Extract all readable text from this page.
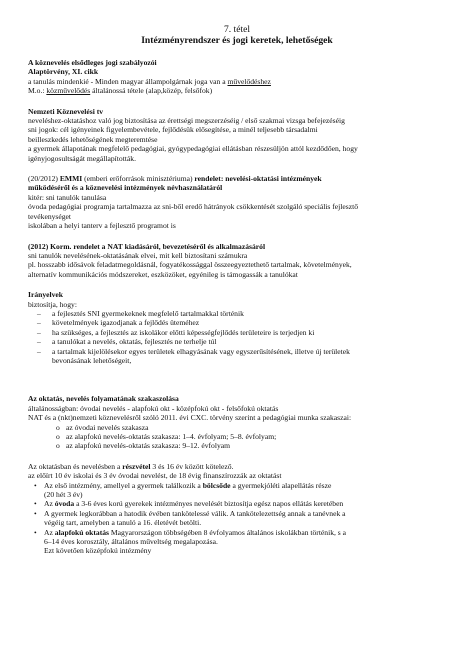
7. tétel
Intézményrendszer és jogi keretek, lehetőségek

A köznevelés elsődleges jogi szabályozói

Alaptörvény, XI. cikk

a tanulás mindenkié - Minden magyar állampolgárnak joga van a művelődéshez

M.o.: közművelődés általánossá tétele (alap,közép, felsőfok)

Nemzeti Köznevelési tv

neveléshez-oktatáshoz való jog biztosítása az érettségi megszerzéséig / első szakmai vizsga befejezéséig

sni jogok: cél igényeinek figyelembevétele, fejlődésük elősegítése, a minél teljesebb társadalmi

beilleszkedés lehetőségének megteremtése

a gyermek állapotának megfelelő pedagógiai, gyógypedagógiai ellátásban részesüljön attól kezdődően, hogy

igényjogosultságát megállapították.

(20/2012) EMMI (emberi erőforrások minisztériuma) rendelet: nevelési-oktatási intézmények

működéséről és a köznevelési intézmények névhasználatáról

kitér: sni tanulók tanulása

óvoda pedagógiai programja tartalmazza az sni-ből eredő hátrányok csökkentését szolgáló speciális fejlesztő

tevékenységet

iskolában a helyi tanterv a fejlesztő programot is

(2012) Korm. rendelet a NAT kiadásáról, bevezetéséről és alkalmazásáról

sni tanulók nevelésének-oktatásának elvei, mit kell biztosítani számukra

pl. hosszabb idősávok feladatmegoldásnál, fogyatékossággal összeegyeztethető tartalmak, követelmények,

alternatív kommunikációs módszereket, eszközöket, egyénileg is támogassák a tanulókat

Irányelvek

biztosítja, hogy:

– a fejlesztés SNI gyermekeknek megfelelő tartalmakkal történik
– követelmények igazodjanak a fejlődés üteméhez
– ha szükséges, a fejlesztés az iskolákor előtti képességfejlődés területeire is terjedjen ki
– a tanulókat a nevelés, oktatás, fejlesztés ne terhelje túl
– a tartalmak kijelölésekor egyes területek elhagyásának vagy egyszerűsítésének, illetve új területek

bevonásának lehetőségeit,

Az oktatás, nevelés folyamatának szakaszolása

általánosságban: óvodai nevelés - alapfokú okt - középfokú okt - felsőfokú oktatás

NAT és a (nkt)nemzeti köznevelésről szóló 2011. évi CXC. törvény szerint a pedagógiai munka szakaszai:

o az óvodai nevelés szakasza
o az alapfokú nevelés-oktatás szakasza: 1–4. évfolyam; 5–8. évfolyam;
o az alapfokú nevelés-oktatás szakasza: 9–12. évfolyam

Az oktatásban és nevelésben a részvétel 3 és 16 év között kötelező.

az előírt 10 év iskolai és 3 év óvodai nevelést, de 18 évig finanszírozzák az oktatást

• Az első intézmény, amellyel a gyermek találkozik a bölcsőde a gyermekjóléti alapellátás része
(20 hét 3 év)
• Az óvoda a 3-6 éves korú gyerekek intézményes nevelését biztosítja egész napos ellátás keretében
• A gyermek legkorábban a hatodik évében tankötelessé válik. A tankötelezettség annak a tanévnek a
végéig tart, amelyben a tanuló a 16. életévét betölti.
• Az alapfokú oktatás Magyarországon többségében 8 évfolyamos általános iskolákban történik, s a
6–14 éves korosztály, általános műveltség megalapozása.
Ezt követően középfokú intézmény
